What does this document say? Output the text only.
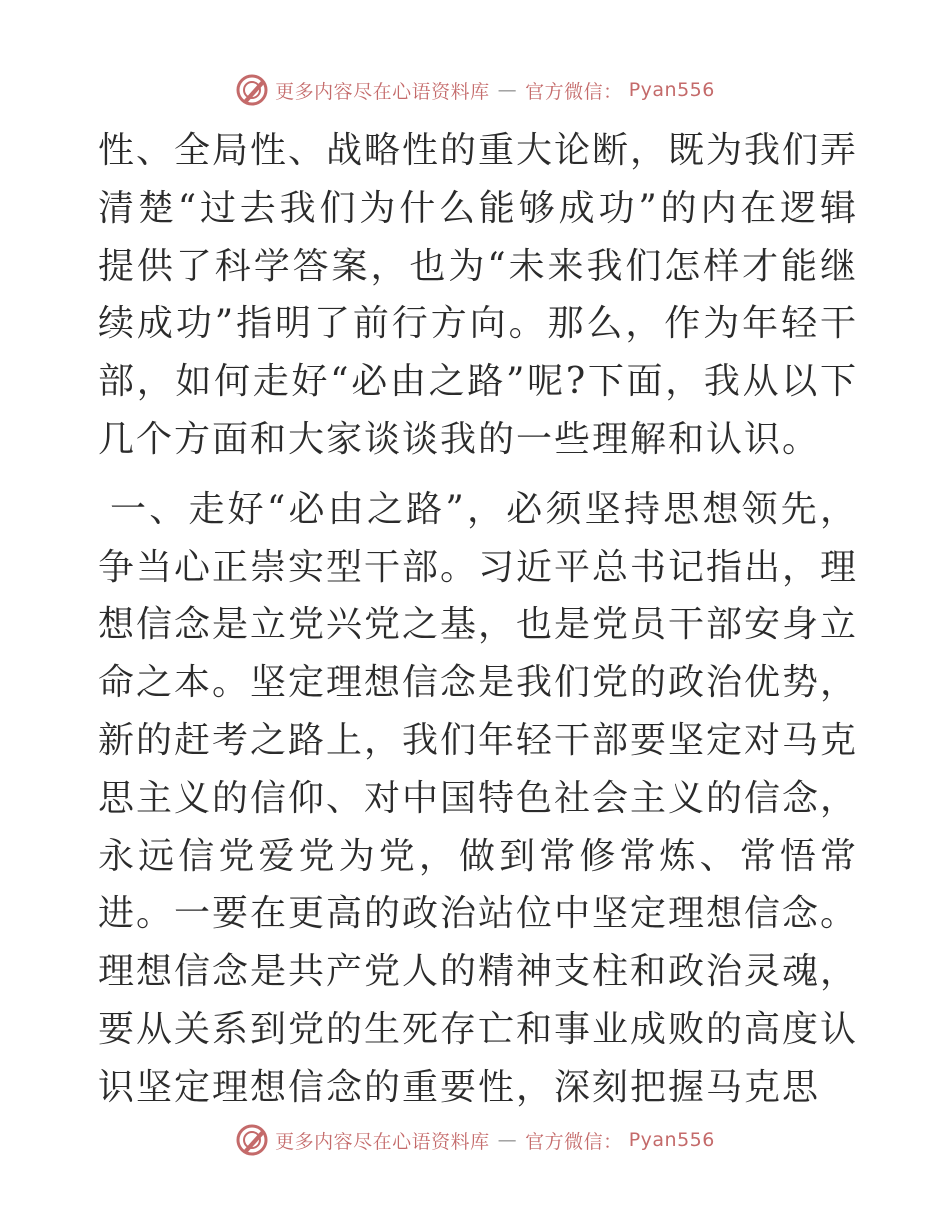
更多内容尽在心语资料库 — 官方微信： Pyan556

性、全局性、战略性的重大论断，既为我们弄清楚“过去我们为什么能够成功”的内在逻辑提供了科学答案，也为“未来我们怎样才能继续成功”指明了前行方向。那么，作为年轻干部，如何走好“必由之路”呢?下面，我从以下几个方面和大家谈谈我的一些理解和认识。

一、走好“必由之路”，必须坚持思想领先，争当心正崇实型干部。习近平总书记指出，理想信念是立党兴党之基，也是党员干部安身立命之本。坚定理想信念是我们党的政治优势，新的赶考之路上，我们年轻干部要坚定对马克思主义的信仰、对中国特色社会主义的信念，永远信党爱党为党，做到常修常炼、常悟常进。一要在更高的政治站位中坚定理想信念。理想信念是共产党人的精神支柱和政治灵魂，要从关系到党的生死存亡和事业成败的高度认识坚定理想信念的重要性，深刻把握马克思

更多内容尽在心语资料库 — 官方微信： Pyan556
